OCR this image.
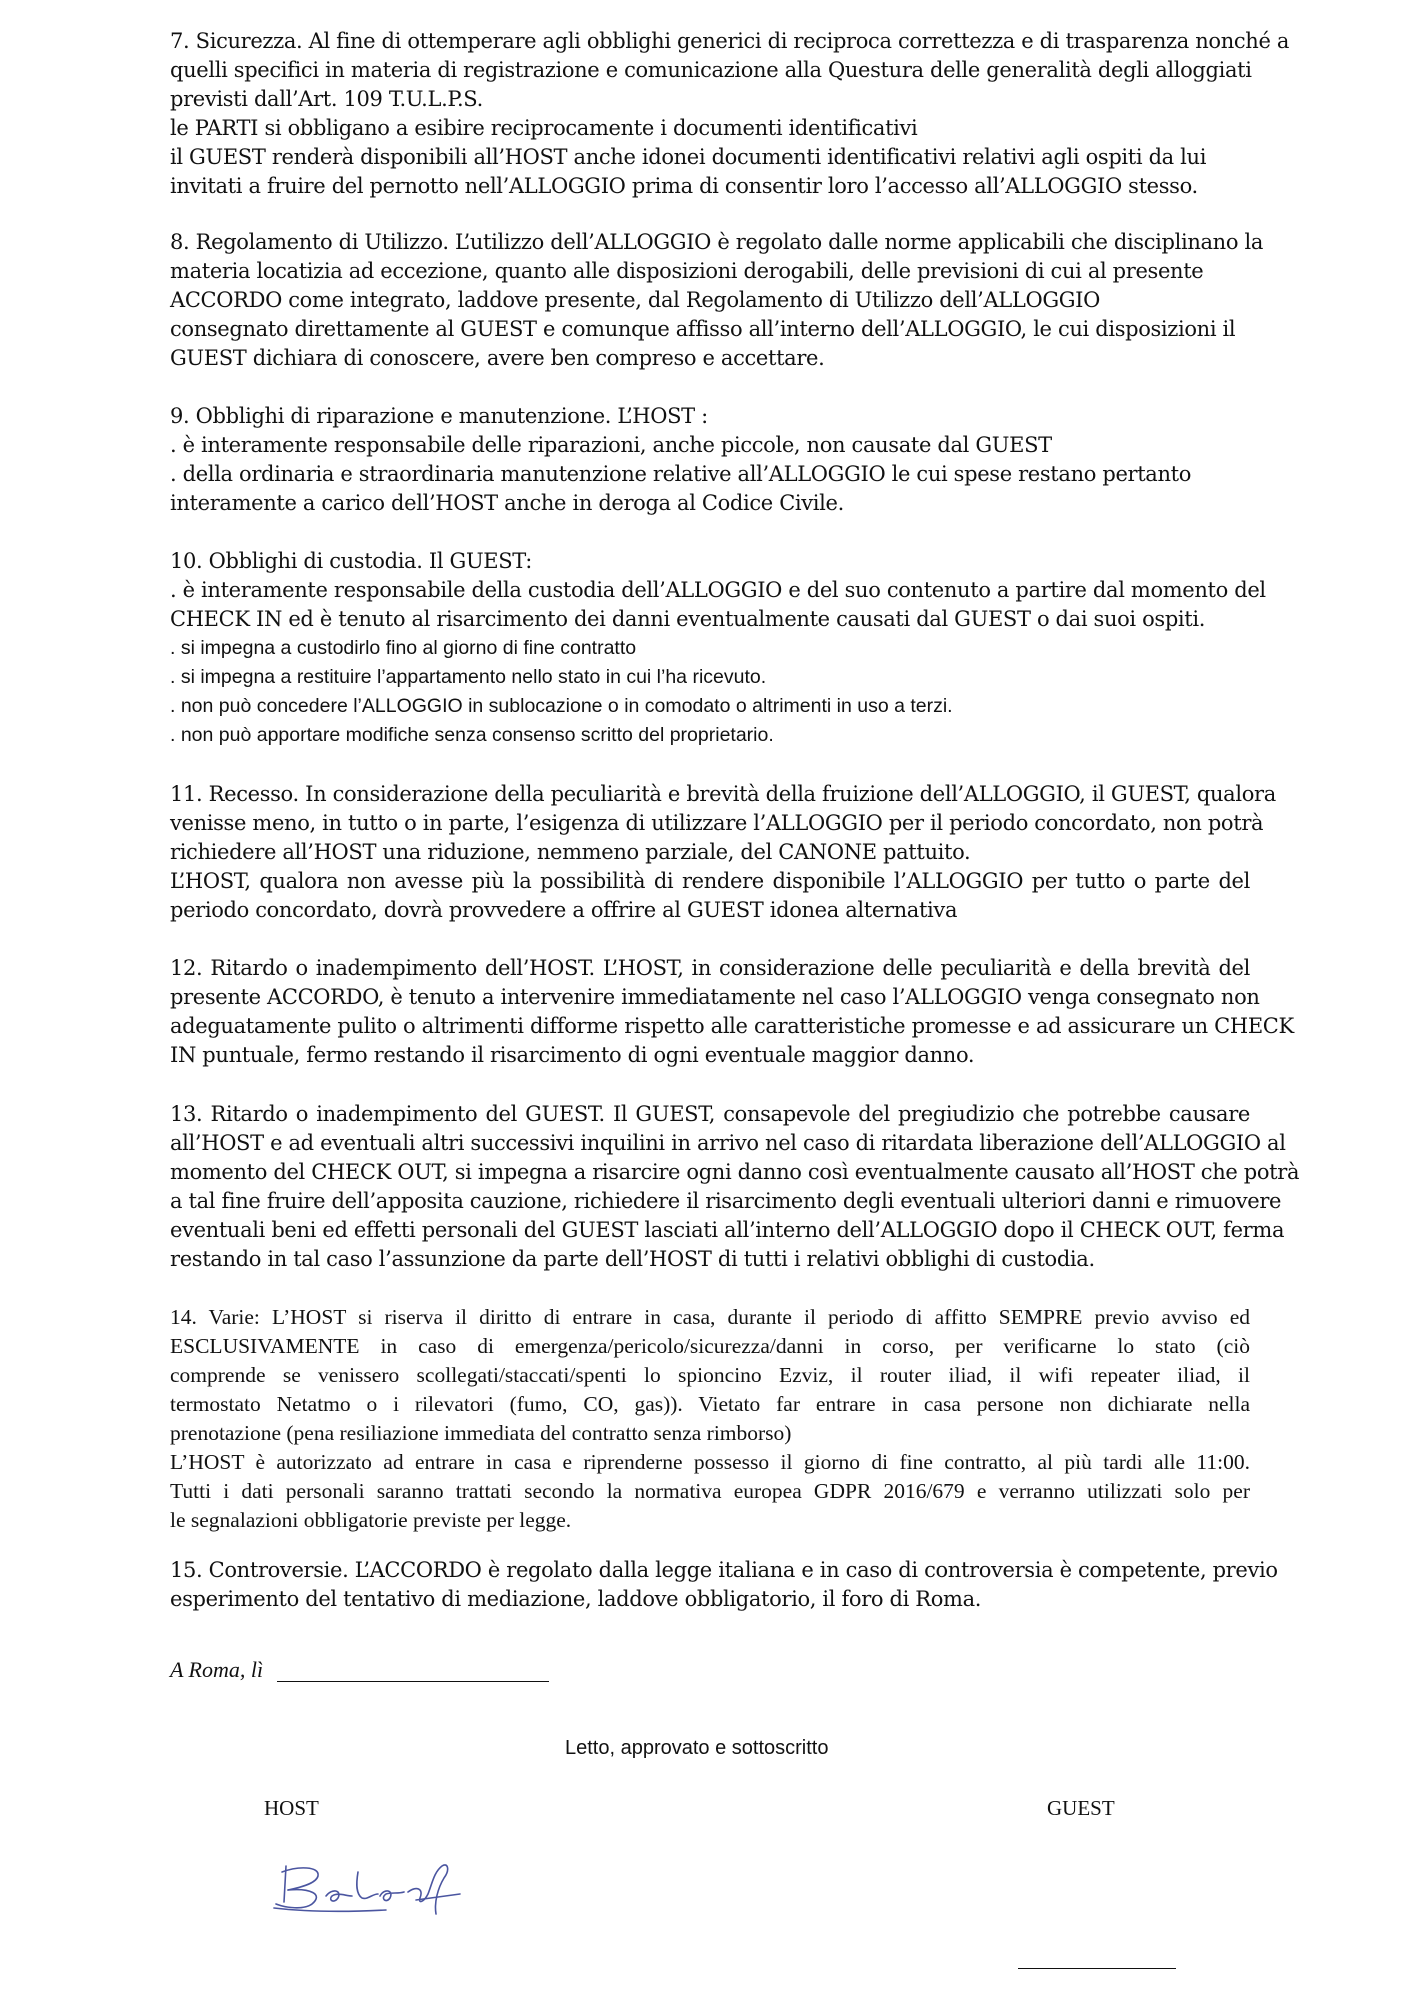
7. Sicurezza. Al fine di ottemperare agli obblighi generici di reciproca correttezza e di trasparenza nonché a
quelli specifici in materia di registrazione e comunicazione alla Questura delle generalità degli alloggiati
previsti dall’Art. 109 T.U.L.P.S.
le PARTI si obbligano a esibire reciprocamente i documenti identificativi
il GUEST renderà disponibili all’HOST anche idonei documenti identificativi relativi agli ospiti da lui
invitati a fruire del pernotto nell’ALLOGGIO prima di consentir loro l’accesso all’ALLOGGIO stesso.
8. Regolamento di Utilizzo. L’utilizzo dell’ALLOGGIO è regolato dalle norme applicabili che disciplinano la
materia locatizia ad eccezione, quanto alle disposizioni derogabili, delle previsioni di cui al presente
ACCORDO come integrato, laddove presente, dal Regolamento di Utilizzo dell’ALLOGGIO
consegnato direttamente al GUEST e comunque affisso all’interno dell’ALLOGGIO, le cui disposizioni il
GUEST dichiara di conoscere, avere ben compreso e accettare.
9. Obblighi di riparazione e manutenzione. L’HOST :
. è interamente responsabile delle riparazioni, anche piccole, non causate dal GUEST
. della ordinaria e straordinaria manutenzione relative all’ALLOGGIO le cui spese restano pertanto
interamente a carico dell’HOST anche in deroga al Codice Civile.
10. Obblighi di custodia. Il GUEST:
. è interamente responsabile della custodia dell’ALLOGGIO e del suo contenuto a partire dal momento del
CHECK IN ed è tenuto al risarcimento dei danni eventualmente causati dal GUEST o dai suoi ospiti.
. si impegna a custodirlo fino al giorno di fine contratto
. si impegna a restituire l’appartamento nello stato in cui l’ha ricevuto.
. non può concedere l’ALLOGGIO in sublocazione o in comodato o altrimenti in uso a terzi.
. non può apportare modifiche senza consenso scritto del proprietario.
11. Recesso. In considerazione della peculiarità e brevità della fruizione dell’ALLOGGIO, il GUEST, qualora
venisse meno, in tutto o in parte, l’esigenza di utilizzare l’ALLOGGIO per il periodo concordato, non potrà
richiedere all’HOST una riduzione, nemmeno parziale, del CANONE pattuito.
L’HOST, qualora non avesse più la possibilità di rendere disponibile l’ALLOGGIO per tutto o parte del
periodo concordato, dovrà provvedere a offrire al GUEST idonea alternativa
12. Ritardo o inadempimento dell’HOST. L’HOST, in considerazione delle peculiarità e della brevità del
presente ACCORDO, è tenuto a intervenire immediatamente nel caso l’ALLOGGIO venga consegnato non
adeguatamente pulito o altrimenti difforme rispetto alle caratteristiche promesse e ad assicurare un CHECK
IN puntuale, fermo restando il risarcimento di ogni eventuale maggior danno.
13. Ritardo o inadempimento del GUEST. Il GUEST, consapevole del pregiudizio che potrebbe causare
all’HOST e ad eventuali altri successivi inquilini in arrivo nel caso di ritardata liberazione dell’ALLOGGIO al
momento del CHECK OUT, si impegna a risarcire ogni danno così eventualmente causato all’HOST che potrà
a tal fine fruire dell’apposita cauzione, richiedere il risarcimento degli eventuali ulteriori danni e rimuovere
eventuali beni ed effetti personali del GUEST lasciati all’interno dell’ALLOGGIO dopo il CHECK OUT, ferma
restando in tal caso l’assunzione da parte dell’HOST di tutti i relativi obblighi di custodia.
14. Varie: L’HOST si riserva il diritto di entrare in casa, durante il periodo di affitto SEMPRE previo avviso ed
ESCLUSIVAMENTE in caso di emergenza/pericolo/sicurezza/danni in corso, per verificarne lo stato (ciò
comprende se venissero scollegati/staccati/spenti lo spioncino Ezviz, il router iliad, il wifi repeater iliad, il
termostato Netatmo o i rilevatori (fumo, CO, gas)). Vietato far entrare in casa persone non dichiarate nella
prenotazione (pena resiliazione immediata del contratto senza rimborso)
L’HOST è autorizzato ad entrare in casa e riprenderne possesso il giorno di fine contratto, al più tardi alle 11:00.
Tutti i dati personali saranno trattati secondo la normativa europea GDPR 2016/679 e verranno utilizzati solo per
le segnalazioni obbligatorie previste per legge.
15. Controversie. L’ACCORDO è regolato dalla legge italiana e in caso di controversia è competente, previo
esperimento del tentativo di mediazione, laddove obbligatorio, il foro di Roma.
A Roma, lì
Letto, approvato e sottoscritto
HOST	GUEST
